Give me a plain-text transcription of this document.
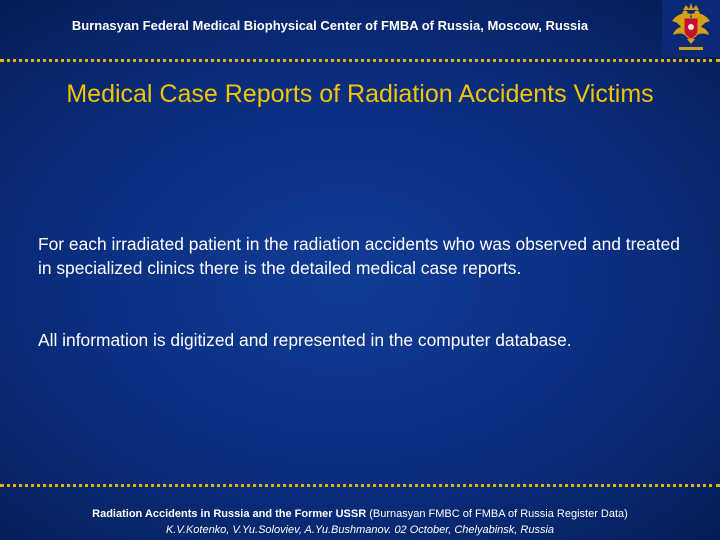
Burnasyan Federal Medical Biophysical Center of FMBA of Russia, Moscow, Russia
Medical Case Reports of Radiation Accidents Victims
For each irradiated patient in the radiation accidents who was observed and treated in specialized clinics there is the detailed medical case reports.
All information is digitized and represented in the computer database.
Radiation Accidents in Russia and the Former USSR (Burnasyan FMBC of FMBA of Russia Register Data)
K.V.Kotenko, V.Yu.Soloviev, A.Yu.Bushmanov. 02 October, Chelyabinsk, Russia
